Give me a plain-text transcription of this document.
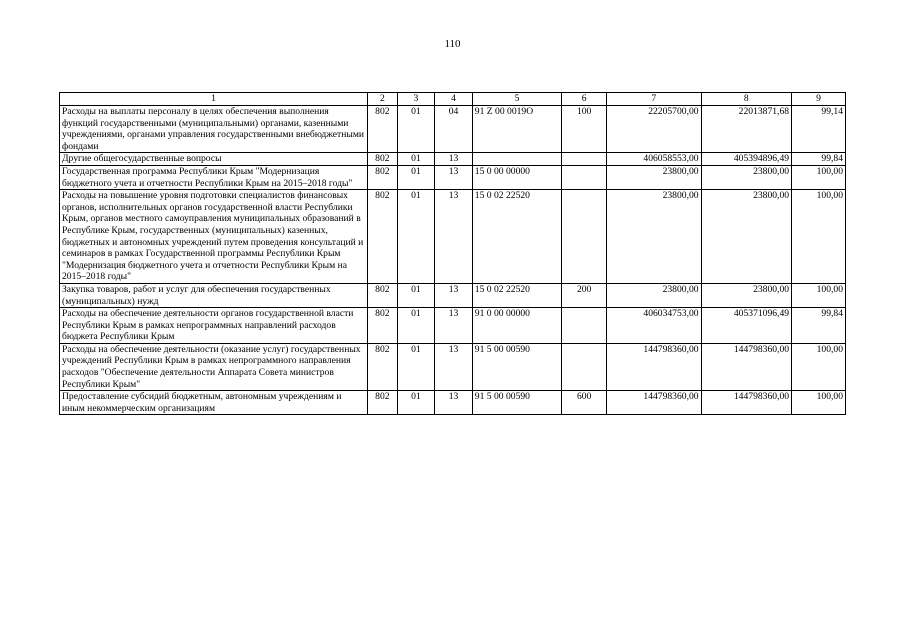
110
1	2	3	4	5	6	7	8	9
Расходы на выплаты персоналу в целях обеспечения выполнения функций государственными (муниципальными) органами, казенными учреждениями, органами управления государственными внебюджетными фондами	802	01	04	91 Z 00 0019O	100	22205700,00	22013871,68	99,14
Другие общегосударственные вопросы	802	01	13			406058553,00	405394896,49	99,84
Государственная программа Республики Крым "Модернизация бюджетного учета и отчетности Республики Крым на 2015–2018 годы"	802	01	13	15 0 00 00000		23800,00	23800,00	100,00
Расходы на повышение уровня подготовки специалистов финансовых органов, исполнительных органов государственной власти Республики Крым, органов местного самоуправления муниципальных образований в Республике Крым, государственных (муниципальных) казенных, бюджетных и автономных учреждений путем проведения консультаций и семинаров в рамках Государственной программы Республики Крым "Модернизация бюджетного учета и отчетности Республики Крым на 2015–2018 годы"	802	01	13	15 0 02 22520		23800,00	23800,00	100,00
Закупка товаров, работ и услуг для обеспечения государственных (муниципальных) нужд	802	01	13	15 0 02 22520	200	23800,00	23800,00	100,00
Расходы на обеспечение деятельности органов государственной власти Республики Крым в рамках непрограммных направлений расходов бюджета Республики Крым	802	01	13	91 0 00 00000		406034753,00	405371096,49	99,84
Расходы на обеспечение деятельности (оказание услуг) государственных учреждений Республики Крым в рамках непрограммного направления расходов "Обеспечение деятельности Аппарата Совета министров Республики Крым"	802	01	13	91 5 00 00590		144798360,00	144798360,00	100,00
Предоставление субсидий бюджетным, автономным учреждениям и иным некоммерческим организациям	802	01	13	91 5 00 00590	600	144798360,00	144798360,00	100,00
